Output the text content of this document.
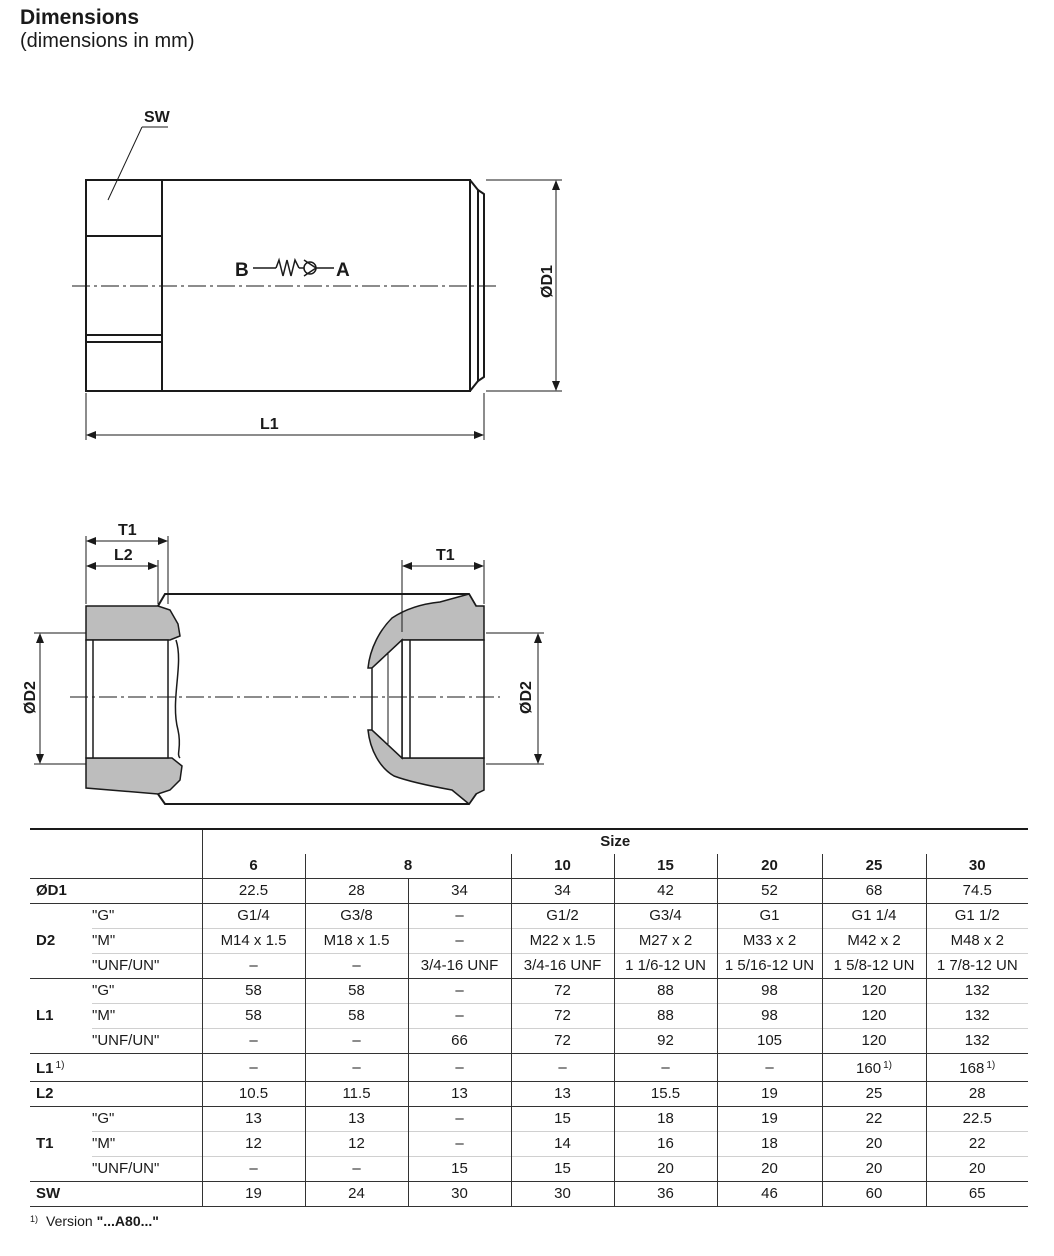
Dimensions
(dimensions in mm)
SW
B	A	ØD1
L1
T1
L2	T1
ØD2	ØD2
		Size							
		6	8		10	15	20	25	30
ØD1		22.5	28	34	34	42	52	68	74.5
D2	"G"	G1/4	G3/8	–	G1/2	G3/4	G1	G1 1/4	G1 1/2
	"M"	M14 x 1.5	M18 x 1.5	–	M22 x 1.5	M27 x 2	M33 x 2	M42 x 2	M48 x 2
	"UNF/UN"	–	–	3/4-16 UNF	3/4-16 UNF	1 1/6-12 UN	1 5/16-12 UN	1 5/8-12 UN	1 7/8-12 UN
L1	"G"	58	58	–	72	88	98	120	132
	"M"	58	58	–	72	88	98	120	132
	"UNF/UN"	–	–	66	72	92	105	120	132
L1 $^{1)}$		–	–	–	–	–	–	160 $^{1)}$	168 $^{1)}$
L2		10.5	11.5	13	13	15.5	19	25	28
T1	"G"	13	13	–	15	18	19	22	22.5
	"M"	12	12	–	14	16	18	20	22
	"UNF/UN"	–	–	15	15	20	20	20	20
SW		19	24	30	30	36	46	60	65
$^{1)}$ Version "...A80..."
